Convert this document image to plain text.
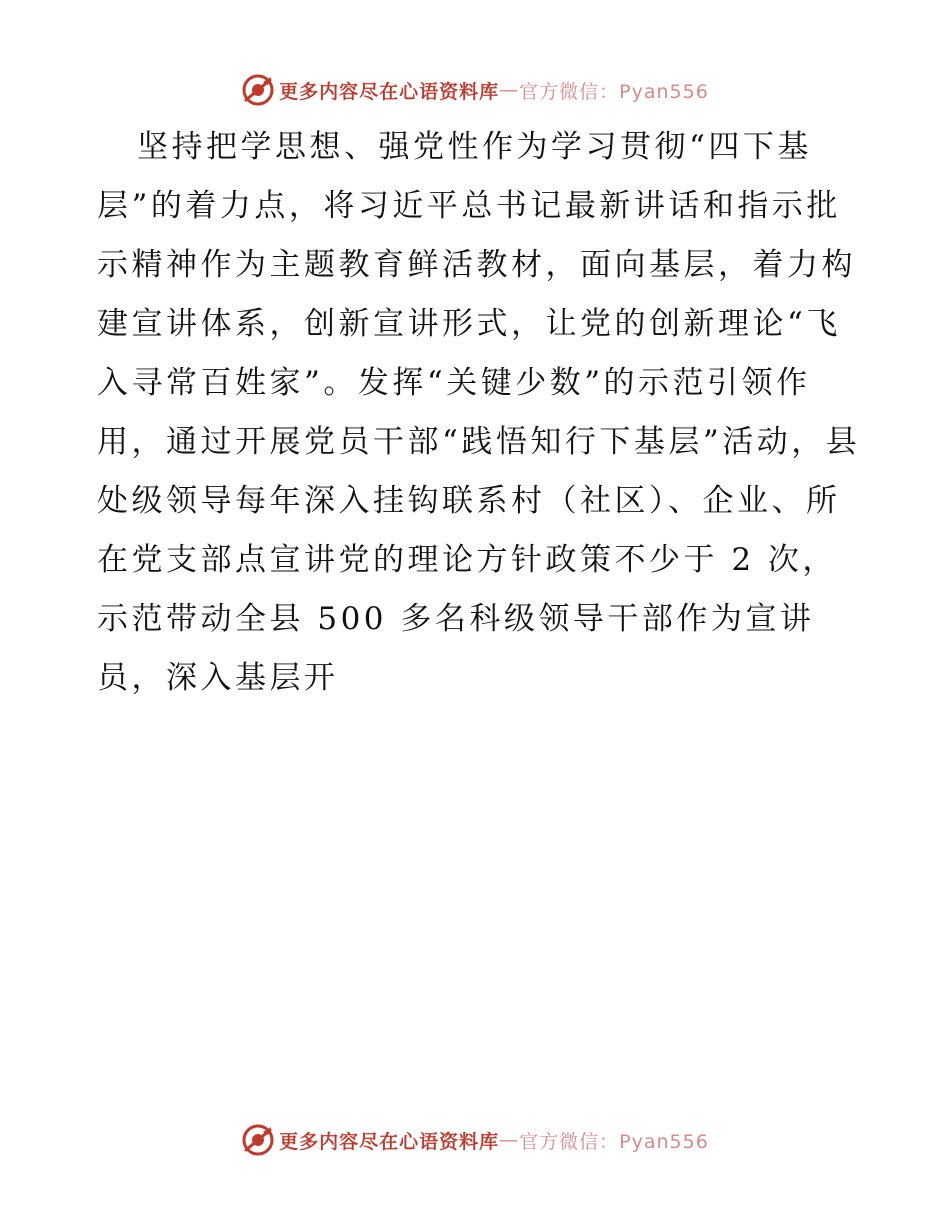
更多内容尽在心语资料库 — 官方微信：Pyan556

坚持把学思想、强党性作为学习贯彻“四下基层”的着力点，将习近平总书记最新讲话和指示批示精神作为主题教育鲜活教材，面向基层，着力构建宣讲体系，创新宣讲形式，让党的创新理论“飞入寻常百姓家”。发挥“关键少数”的示范引领作用，通过开展党员干部“践悟知行下基层”活动，县处级领导每年深入挂钩联系村（社区）、企业、所在党支部点宣讲党的理论方针政策不少于 2 次，示范带动全县 500 多名科级领导干部作为宣讲员，深入基层开

更多内容尽在心语资料库 — 官方微信：Pyan556
